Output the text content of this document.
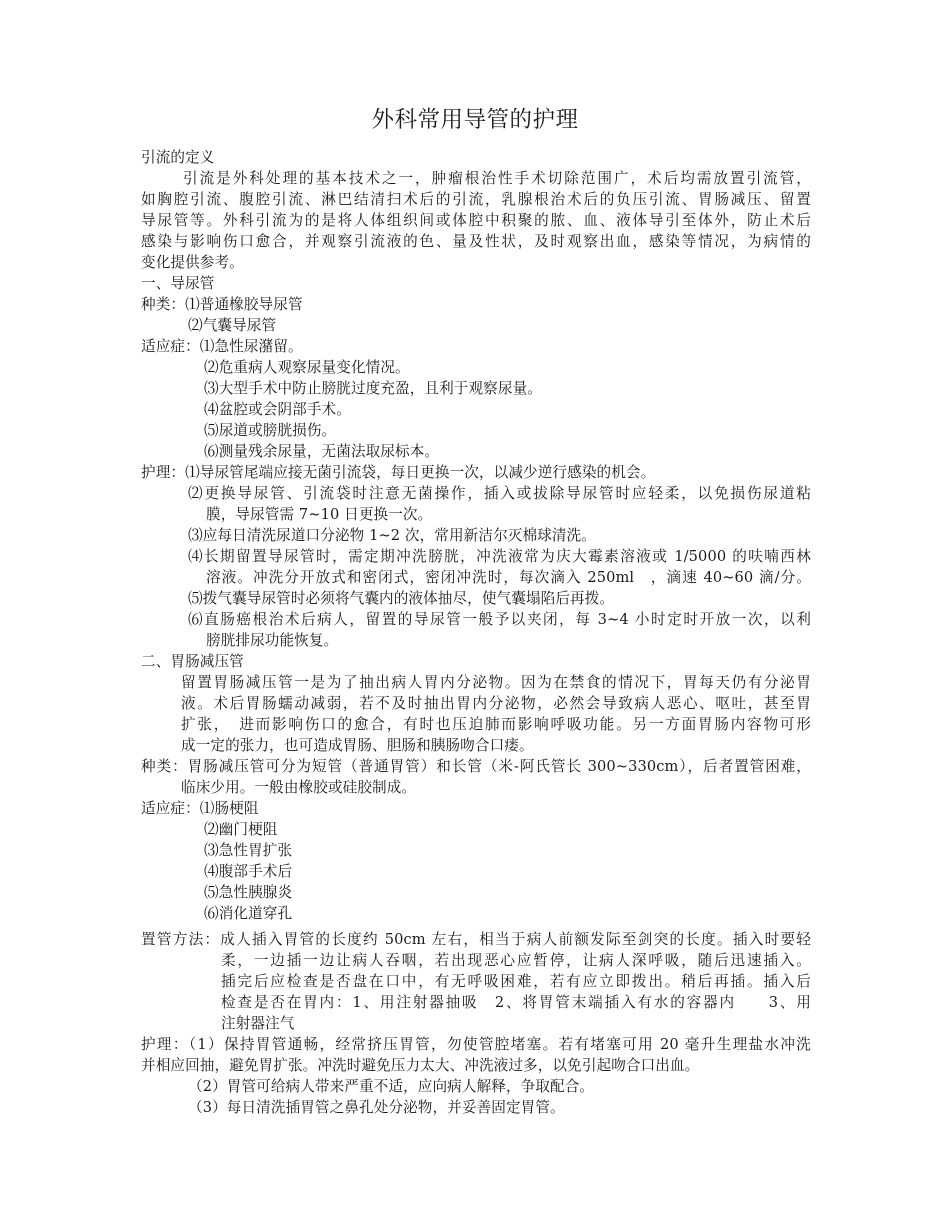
外科常用导管的护理
引流的定义
引流是外科处理的基本技术之一，肿瘤根治性手术切除范围广，术后均需放置引流管，
如胸腔引流、腹腔引流、淋巴结清扫术后的引流，乳腺根治术后的负压引流、胃肠减压、留置
导尿管等。外科引流为的是将人体组织间或体腔中积聚的脓、血、液体导引至体外，防止术后
感染与影响伤口愈合，并观察引流液的色、量及性状，及时观察出血，感染等情况，为病情的
变化提供参考。
一、导尿管
种类：⑴普通橡胶导尿管
⑵气囊导尿管
适应症：⑴急性尿潴留。
⑵危重病人观察尿量变化情况。
⑶大型手术中防止膀胱过度充盈，且利于观察尿量。
⑷盆腔或会阴部手术。
⑸尿道或膀胱损伤。
⑹测量残余尿量，无菌法取尿标本。
护理：⑴导尿管尾端应接无菌引流袋，每日更换一次，以减少逆行感染的机会。
⑵更换导尿管、引流袋时注意无菌操作，插入或拔除导尿管时应轻柔，以免损伤尿道粘
膜，导尿管需 7~10 日更换一次。
⑶应每日清洗尿道口分泌物 1~2 次，常用新洁尔灭棉球清洗。
⑷长期留置导尿管时，需定期冲洗膀胱，冲洗液常为庆大霉素溶液或 1/5000 的呋喃西林
溶液。冲洗分开放式和密闭式，密闭冲洗时，每次滴入 250ml　，滴速 40~60 滴/分。
⑸拨气囊导尿管时必须将气囊内的液体抽尽，使气囊塌陷后再拨。
⑹直肠癌根治术后病人，留置的导尿管一般予以夹闭，每 3~4 小时定时开放一次，以利
膀胱排尿功能恢复。
二、胃肠减压管
留置胃肠减压管一是为了抽出病人胃内分泌物。因为在禁食的情况下，胃每天仍有分泌胃
液。术后胃肠蠕动减弱，若不及时抽出胃内分泌物，必然会导致病人恶心、呕吐，甚至胃
扩张，　进而影响伤口的愈合，有时也压迫肺而影响呼吸功能。另一方面胃肠内容物可形
成一定的张力，也可造成胃肠、胆肠和胰肠吻合口瘘。
种类：胃肠减压管可分为短管（普通胃管）和长管（米-阿氏管长 300~330cm），后者置管困难，
临床少用。一般由橡胶或硅胶制成。
适应症：⑴肠梗阻
⑵幽门梗阻
⑶急性胃扩张
⑷腹部手术后
⑸急性胰腺炎
⑹消化道穿孔
置管方法：成人插入胃管的长度约 50cm 左右，相当于病人前额发际至剑突的长度。插入时要轻
柔，一边插一边让病人吞咽，若出现恶心应暂停，让病人深呼吸，随后迅速插入。
插完后应检查是否盘在口中，有无呼吸困难，若有应立即拨出。稍后再插。插入后
检查是否在胃内：1、用注射器抽吸　2、将胃管末端插入有水的容器内　　3、用
注射器注气
护理：（1）保持胃管通畅，经常挤压胃管，勿使管腔堵塞。若有堵塞可用 20 毫升生理盐水冲洗
并相应回抽，避免胃扩张。冲洗时避免压力太大、冲洗液过多，以免引起吻合口出血。
（2）胃管可给病人带来严重不适，应向病人解释，争取配合。
（3）每日清洗插胃管之鼻孔处分泌物，并妥善固定胃管。
